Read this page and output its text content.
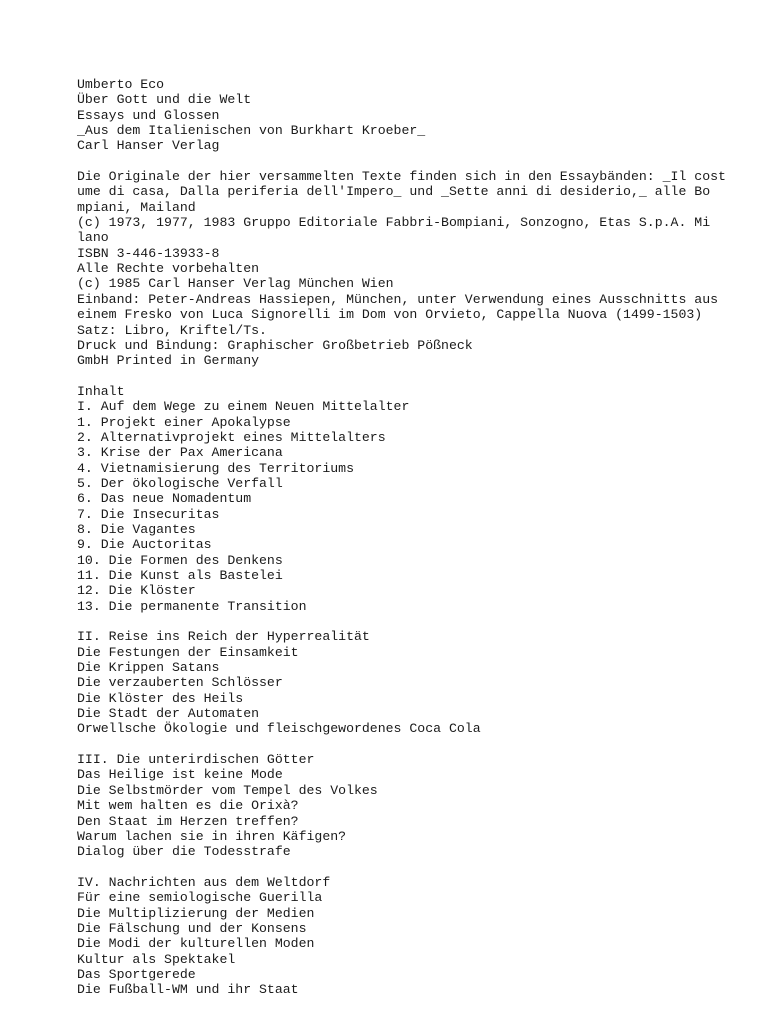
Umberto Eco
Über Gott und die Welt
Essays und Glossen
_Aus dem Italienischen von Burkhart Kroeber_
Carl Hanser Verlag
Die Originale der hier versammelten Texte finden sich in den Essaybänden: _Il cost
ume di casa, Dalla periferia dell'Impero_ und _Sette anni di desiderio,_ alle Bo
mpiani, Mailand
(c) 1973, 1977, 1983 Gruppo Editoriale Fabbri-Bompiani, Sonzogno, Etas S.p.A. Mi
lano
ISBN 3-446-13933-8
Alle Rechte vorbehalten
(c) 1985 Carl Hanser Verlag München Wien
Einband: Peter-Andreas Hassiepen, München, unter Verwendung eines Ausschnitts aus
einem Fresko von Luca Signorelli im Dom von Orvieto, Cappella Nuova (1499-1503)
Satz: Libro, Kriftel/Ts.
Druck und Bindung: Graphischer Großbetrieb Pößneck
GmbH Printed in Germany
Inhalt
I. Auf dem Wege zu einem Neuen Mittelalter
1. Projekt einer Apokalypse
2. Alternativprojekt eines Mittelalters
3. Krise der Pax Americana
4. Vietnamisierung des Territoriums
5. Der ökologische Verfall
6. Das neue Nomadentum
7. Die Insecuritas
8. Die Vagantes
9. Die Auctoritas
10. Die Formen des Denkens
11. Die Kunst als Bastelei
12. Die Klöster
13. Die permanente Transition
II. Reise ins Reich der Hyperrealität
Die Festungen der Einsamkeit
Die Krippen Satans
Die verzauberten Schlösser
Die Klöster des Heils
Die Stadt der Automaten
Orwellsche Ökologie und fleischgewordenes Coca Cola
III. Die unterirdischen Götter
Das Heilige ist keine Mode
Die Selbstmörder vom Tempel des Volkes
Mit wem halten es die Orixà?
Den Staat im Herzen treffen?
Warum lachen sie in ihren Käfigen?
Dialog über die Todesstrafe
IV. Nachrichten aus dem Weltdorf
Für eine semiologische Guerilla
Die Multiplizierung der Medien
Die Fälschung und der Konsens
Die Modi der kulturellen Moden
Kultur als Spektakel
Das Sportgerede
Die Fußball-WM und ihr Staat
